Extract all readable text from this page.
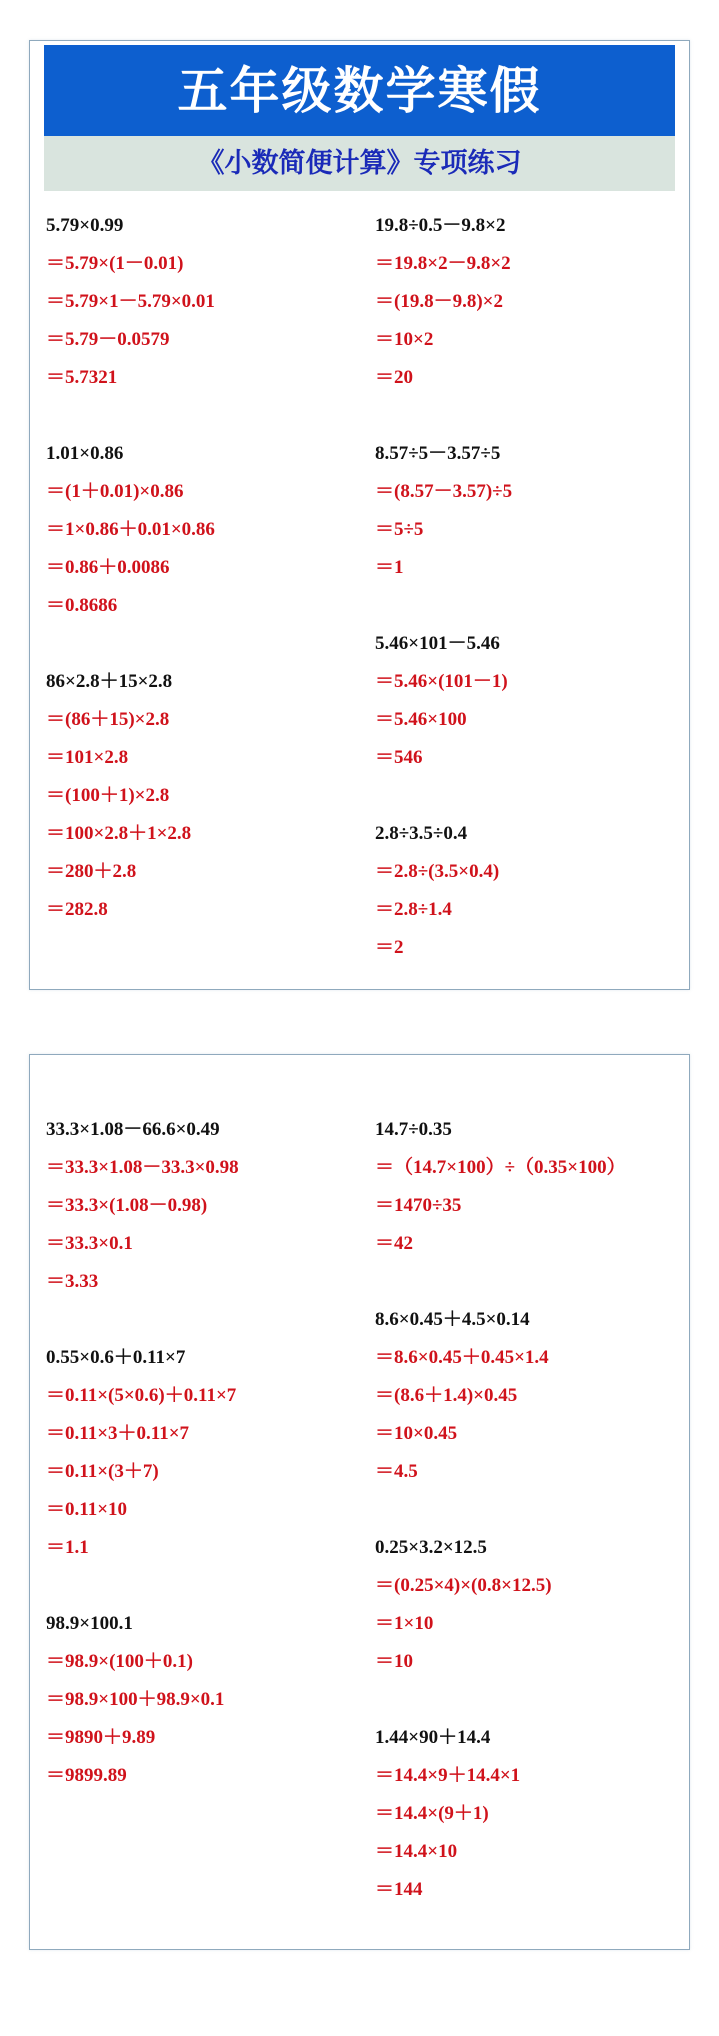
五年级数学寒假
《小数简便计算》专项练习
5.79×0.99
＝5.79×(1－0.01)
＝5.79×1－5.79×0.01
＝5.79－0.0579
＝5.7321
1.01×0.86
＝(1＋0.01)×0.86
＝1×0.86＋0.01×0.86
＝0.86＋0.0086
＝0.8686
86×2.8＋15×2.8
＝(86＋15)×2.8
＝101×2.8
＝(100＋1)×2.8
＝100×2.8＋1×2.8
＝280＋2.8
＝282.8
19.8÷0.5－9.8×2
＝19.8×2－9.8×2
＝(19.8－9.8)×2
＝10×2
＝20
8.57÷5－3.57÷5
＝(8.57－3.57)÷5
＝5÷5
＝1
5.46×101－5.46
＝5.46×(101－1)
＝5.46×100
＝546
2.8÷3.5÷0.4
＝2.8÷(3.5×0.4)
＝2.8÷1.4
＝2
33.3×1.08－66.6×0.49
＝33.3×1.08－33.3×0.98
＝33.3×(1.08－0.98)
＝33.3×0.1
＝3.33
0.55×0.6＋0.11×7
＝0.11×(5×0.6)＋0.11×7
＝0.11×3＋0.11×7
＝0.11×(3＋7)
＝0.11×10
＝1.1
98.9×100.1
＝98.9×(100＋0.1)
＝98.9×100＋98.9×0.1
＝9890＋9.89
＝9899.89
14.7÷0.35
＝（14.7×100）÷（0.35×100）
＝1470÷35
＝42
8.6×0.45＋4.5×0.14
＝8.6×0.45＋0.45×1.4
＝(8.6＋1.4)×0.45
＝10×0.45
＝4.5
0.25×3.2×12.5
＝(0.25×4)×(0.8×12.5)
＝1×10
＝10
1.44×90＋14.4
＝14.4×9＋14.4×1
＝14.4×(9＋1)
＝14.4×10
＝144
